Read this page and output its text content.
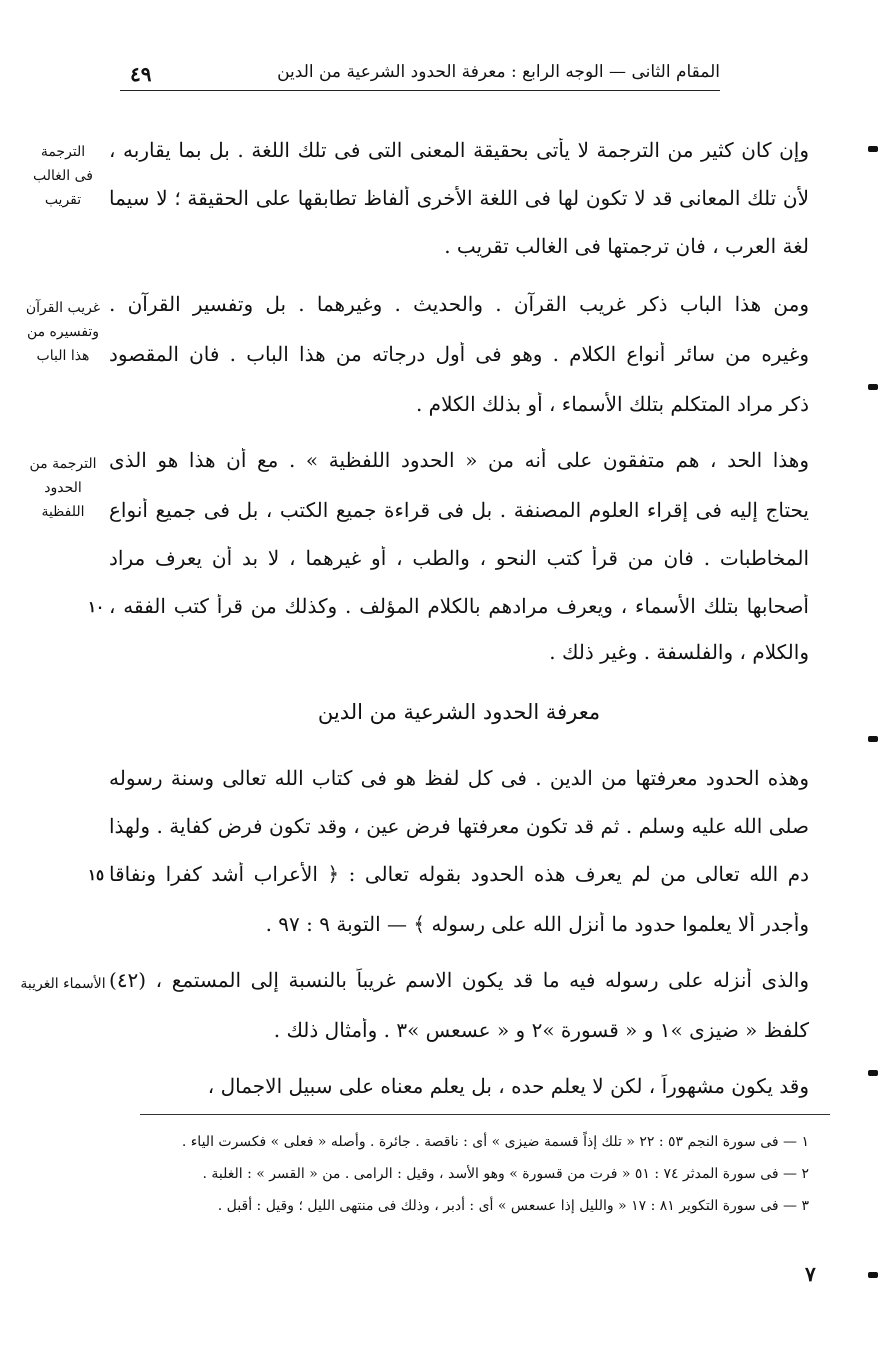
المقام الثانى — الوجه الرابع : معرفة الحدود الشرعية من الدين
٤٩
وإن كان كثير من الترجمة لا يأتى بحقيقة المعنى التى فى تلك اللغة . بل بما يقاربه ،
لأن تلك المعانى قد لا تكون لها فى اللغة الأخرى ألفاظ تطابقها على الحقيقة ؛ لا سيما
لغة العرب ، فان ترجمتها فى الغالب تقريب .
ومن هذا الباب ذكر غريب القرآن . والحديث . وغيرهما . بل وتفسير القرآن .
وغيره من سائر أنواع الكلام . وهو فى أول درجاته من هذا الباب . فان المقصود
ذكر مراد المتكلم بتلك الأسماء ، أو بذلك الكلام .
وهذا الحد ، هم متفقون على أنه من « الحدود اللفظية » . مع أن هذا هو الذى
يحتاج إليه فى إقراء العلوم المصنفة . بل فى قراءة جميع الكتب ، بل فى جميع أنواع
المخاطبات . فان من قرأ كتب النحو ، والطب ، أو غيرهما ، لا بد أن يعرف مراد
أصحابها بتلك الأسماء ، ويعرف مرادهم بالكلام المؤلف . وكذلك من قرأ كتب الفقه ،
والكلام ، والفلسفة . وغير ذلك .
معرفة الحدود الشرعية من الدين
وهذه الحدود معرفتها من الدين . فى كل لفظ هو فى كتاب الله تعالى وسنة رسوله
صلى الله عليه وسلم . ثم قد تكون معرفتها فرض عين ، وقد تكون فرض كفاية . ولهذا
دم الله تعالى من لم يعرف هذه الحدود بقوله تعالى : ﴿ الأعراب أشد كفرا ونفاقا
وأجدر ألا يعلموا حدود ما أنزل الله على رسوله ﴾ — التوبة ٩ : ٩٧ .
والذى أنزله على رسوله فيه ما قد يكون الاسم غريباً بالنسبة إلى المستمع ، (٤٢)
كلفظ « ضيزى »١ و « قسورة »٢ و « عسعس »٣ . وأمثال ذلك .
وقد يكون مشهوراً ، لكن لا يعلم حده ، بل يعلم معناه على سبيل الاجمال ،
الترجمة
فى الغالب
تقريب
غريب القرآن
وتفسيره من
هذا الباب
الترجمة من
الحدود
اللفظية
الأسماء الغريبة
١٠
١٥
١ — فى سورة النجم ٥٣ : ٢٢ « تلك إذاً قسمة ضيزى » أى : ناقصة . جائرة . وأصله « فعلى » فكسرت الياء .
٢ — فى سورة المدثر ٧٤ : ٥١ « فرت من قسورة » وهو الأسد ، وقيل : الرامى . من « القسر » : الغلبة .
٣ — فى سورة التكوير ٨١ : ١٧ « والليل إذا عسعس » أى : أدبر ، وذلك فى منتهى الليل ؛ وقيل : أقبل .
٧
